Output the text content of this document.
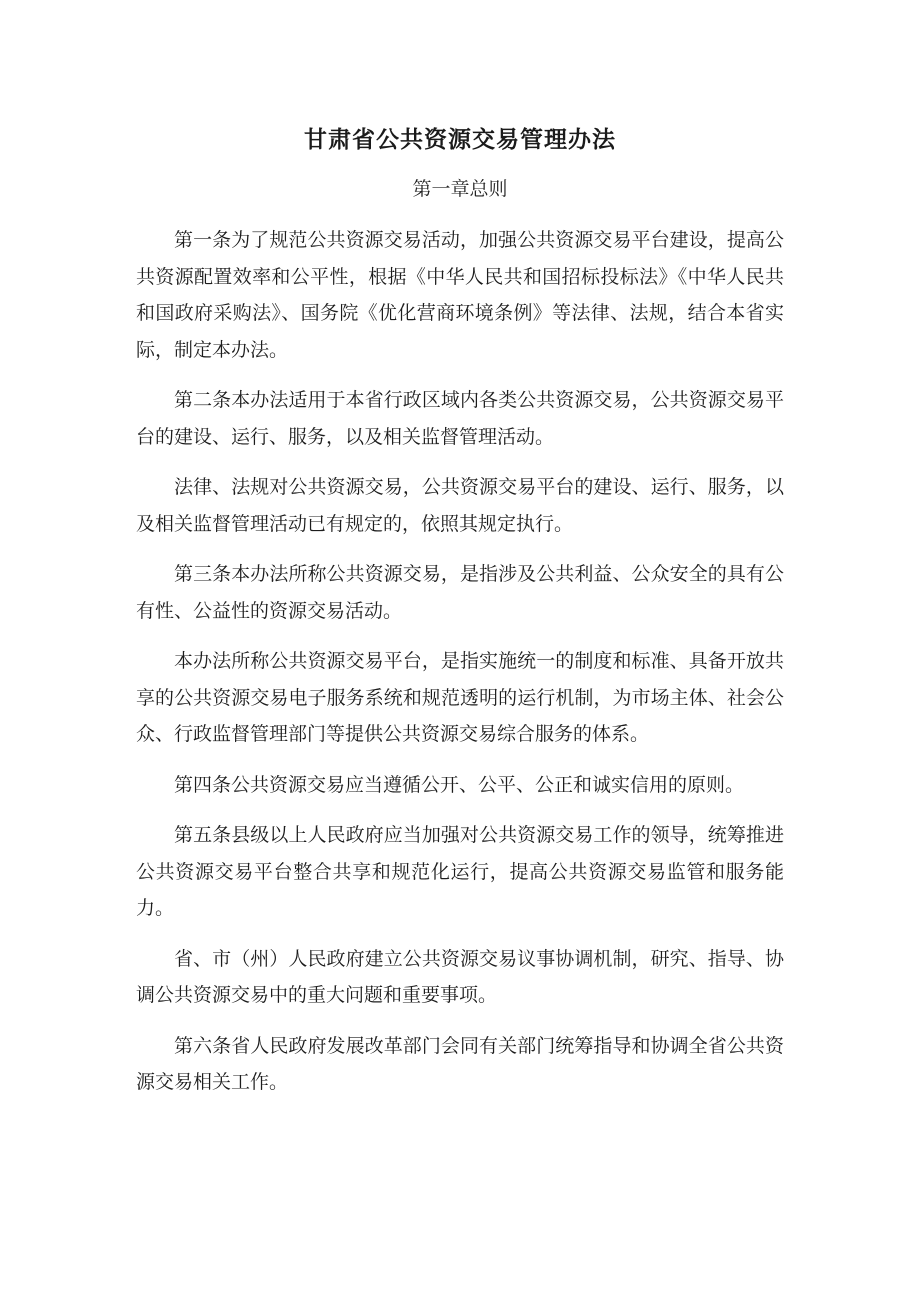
甘肃省公共资源交易管理办法
第一章总则

第一条为了规范公共资源交易活动，加强公共资源交易平台建设，提高公共资源配置效率和公平性，根据《中华人民共和国招标投标法》《中华人民共和国政府采购法》、国务院《优化营商环境条例》等法律、法规，结合本省实际，制定本办法。

第二条本办法适用于本省行政区域内各类公共资源交易，公共资源交易平台的建设、运行、服务，以及相关监督管理活动。

法律、法规对公共资源交易，公共资源交易平台的建设、运行、服务，以及相关监督管理活动已有规定的，依照其规定执行。

第三条本办法所称公共资源交易，是指涉及公共利益、公众安全的具有公有性、公益性的资源交易活动。

本办法所称公共资源交易平台，是指实施统一的制度和标准、具备开放共享的公共资源交易电子服务系统和规范透明的运行机制，为市场主体、社会公众、行政监督管理部门等提供公共资源交易综合服务的体系。

第四条公共资源交易应当遵循公开、公平、公正和诚实信用的原则。

第五条县级以上人民政府应当加强对公共资源交易工作的领导，统筹推进公共资源交易平台整合共享和规范化运行，提高公共资源交易监管和服务能力。

省、市（州）人民政府建立公共资源交易议事协调机制，研究、指导、协调公共资源交易中的重大问题和重要事项。

第六条省人民政府发展改革部门会同有关部门统筹指导和协调全省公共资源交易相关工作。
